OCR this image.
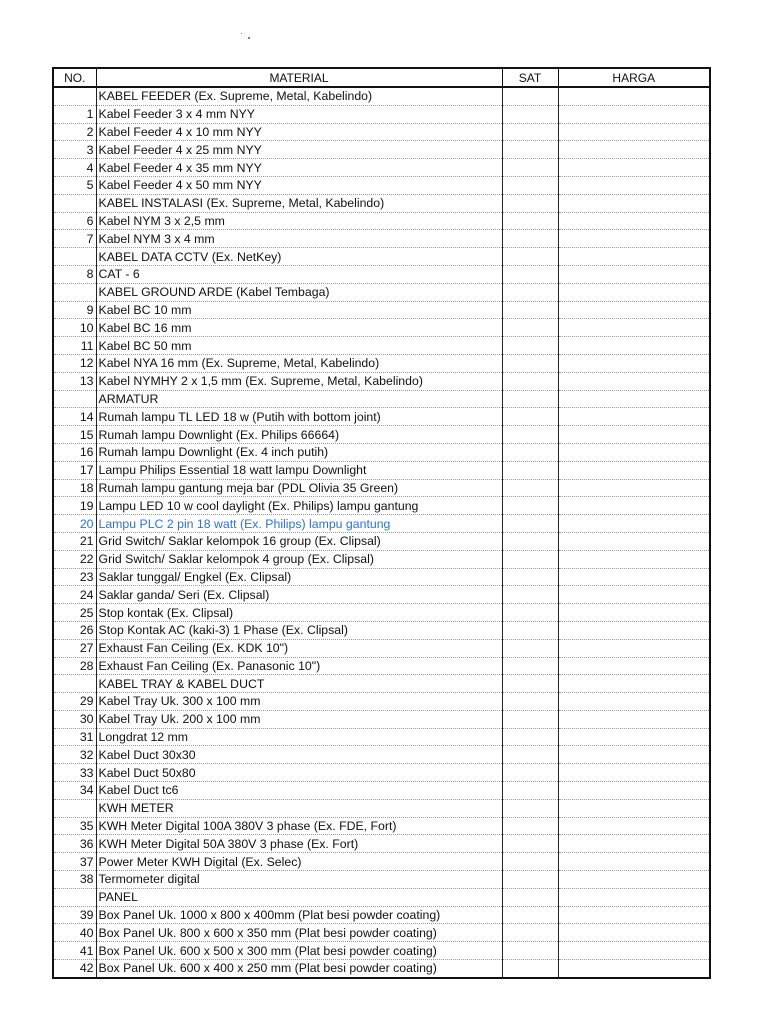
NO.	MATERIAL	SAT	HARGA
	KABEL FEEDER (Ex. Supreme, Metal, Kabelindo)		
1	Kabel Feeder 3 x 4 mm NYY		
2	Kabel Feeder 4 x 10 mm NYY		
3	Kabel Feeder 4 x 25 mm NYY		
4	Kabel Feeder 4 x 35 mm NYY		
5	Kabel Feeder 4 x 50 mm NYY		
	KABEL INSTALASI (Ex. Supreme, Metal, Kabelindo)		
6	Kabel NYM 3 x 2,5 mm		
7	Kabel NYM 3 x 4 mm		
	KABEL DATA CCTV (Ex. NetKey)		
8	CAT - 6		
	KABEL GROUND ARDE (Kabel Tembaga)		
9	Kabel BC 10 mm		
10	Kabel BC 16 mm		
11	Kabel BC 50 mm		
12	Kabel NYA 16 mm (Ex. Supreme, Metal, Kabelindo)		
13	Kabel NYMHY 2 x 1,5 mm (Ex. Supreme, Metal, Kabelindo)		
	ARMATUR		
14	Rumah lampu TL LED 18 w (Putih with bottom joint)		
15	Rumah lampu Downlight (Ex. Philips 66664)		
16	Rumah lampu Downlight (Ex. 4 inch putih)		
17	Lampu Philips Essential 18 watt lampu Downlight		
18	Rumah lampu gantung meja bar (PDL Olivia 35 Green)		
19	Lampu LED 10 w cool daylight (Ex. Philips) lampu gantung		
20	Lampu PLC 2 pin 18 watt (Ex. Philips) lampu gantung		
21	Grid Switch/ Saklar kelompok 16 group (Ex. Clipsal)		
22	Grid Switch/ Saklar kelompok 4 group (Ex. Clipsal)		
23	Saklar tunggal/ Engkel (Ex. Clipsal)		
24	Saklar ganda/ Seri (Ex. Clipsal)		
25	Stop kontak (Ex. Clipsal)		
26	Stop Kontak AC (kaki-3) 1 Phase (Ex. Clipsal)		
27	Exhaust Fan Ceiling (Ex. KDK 10")		
28	Exhaust Fan Ceiling (Ex. Panasonic 10")		
	KABEL TRAY & KABEL DUCT		
29	Kabel Tray Uk. 300 x 100 mm		
30	Kabel Tray Uk. 200 x 100 mm		
31	Longdrat 12 mm		
32	Kabel Duct 30x30		
33	Kabel Duct 50x80		
34	Kabel Duct tc6		
	KWH METER		
35	KWH Meter Digital 100A 380V 3 phase (Ex. FDE, Fort)		
36	KWH Meter Digital 50A 380V 3 phase (Ex. Fort)		
37	Power Meter KWH Digital (Ex. Selec)		
38	Termometer digital		
	PANEL		
39	Box Panel Uk. 1000 x 800 x 400mm (Plat besi powder coating)		
40	Box Panel Uk. 800 x 600 x 350 mm (Plat besi powder coating)		
41	Box Panel Uk. 600 x 500 x 300 mm (Plat besi powder coating)		
42	Box Panel Uk. 600 x 400 x 250 mm (Plat besi powder coating)		
